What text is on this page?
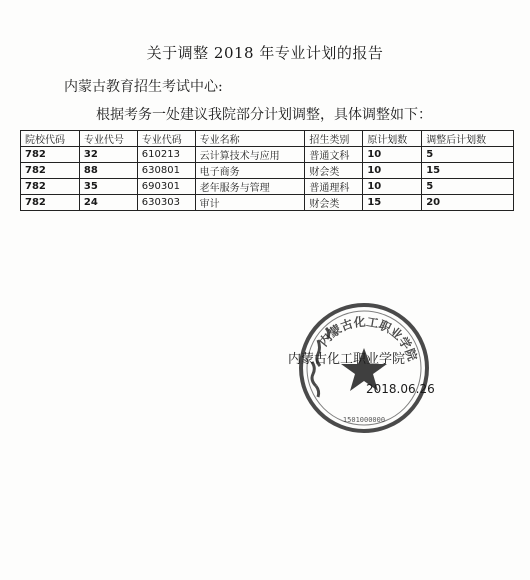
关于调整 2018 年专业计划的报告
内蒙古教育招生考试中心:
根据考务一处建议我院部分计划调整，具体调整如下：
院校代码	专业代号	专业代码	专业名称	招生类别	原计划数	调整后计划数
782	32	610213	云计算技术与应用	普通文科	10	5
782	88	630801	电子商务	财会类	10	15
782	35	690301	老年服务与管理	普通理科	10	5
782	24	630303	审计	财会类	15	20
内蒙古化工职业学院
1501000000
内蒙古化工职业学院
2018.06.26
